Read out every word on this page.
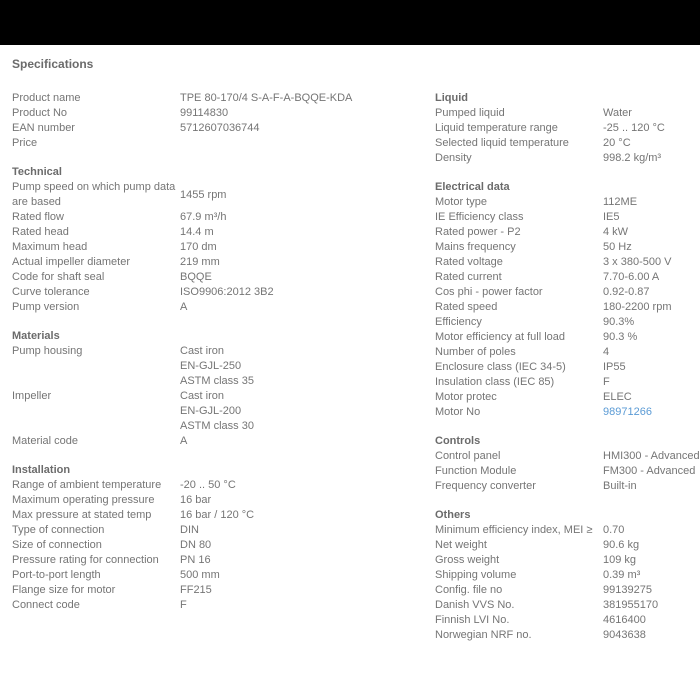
Specifications
Product name	TPE 80-170/4 S-A-F-A-BQQE-KDA
Product No	99114830
EAN number	5712607036744
Price
Technical
Pump speed on which pump data are based
1455 rpm
Rated flow	67.9 m³/h
Rated head	14.4 m
Maximum head	170 dm
Actual impeller diameter	219 mm
Code for shaft seal	BQQE
Curve tolerance	ISO9906:2012 3B2
Pump version	A
Materials
Pump housing	Cast iron
EN-GJL-250
ASTM class 35
Impeller	Cast iron
EN-GJL-200
ASTM class 30
Material code	A
Installation
Range of ambient temperature	-20 .. 50 °C
Maximum operating pressure	16 bar
Max pressure at stated temp	16 bar / 120 °C
Type of connection	DIN
Size of connection	DN 80
Pressure rating for connection	PN 16
Port-to-port length	500 mm
Flange size for motor	FF215
Connect code	F
Liquid
Pumped liquid	Water
Liquid temperature range	-25 .. 120 °C
Selected liquid temperature	20 °C
Density	998.2 kg/m³
Electrical data
Motor type	112ME
IE Efficiency class	IE5
Rated power - P2	4 kW
Mains frequency	50 Hz
Rated voltage	3 x 380-500 V
Rated current	7.70-6.00 A
Cos phi - power factor	0.92-0.87
Rated speed	180-2200 rpm
Efficiency	90.3%
Motor efficiency at full load	90.3 %
Number of poles	4
Enclosure class (IEC 34-5)	IP55
Insulation class (IEC 85)	F
Motor protec	ELEC
Motor No	98971266
Controls
Control panel	HMI300 - Advanced
Function Module	FM300 - Advanced
Frequency converter	Built-in
Others
Minimum efficiency index, MEI ≥ 0.70
Net weight	90.6 kg
Gross weight	109 kg
Shipping volume	0.39 m³
Config. file no	99139275
Danish VVS No.	381955170
Finnish LVI No.	4616400
Norwegian NRF no.	9043638
